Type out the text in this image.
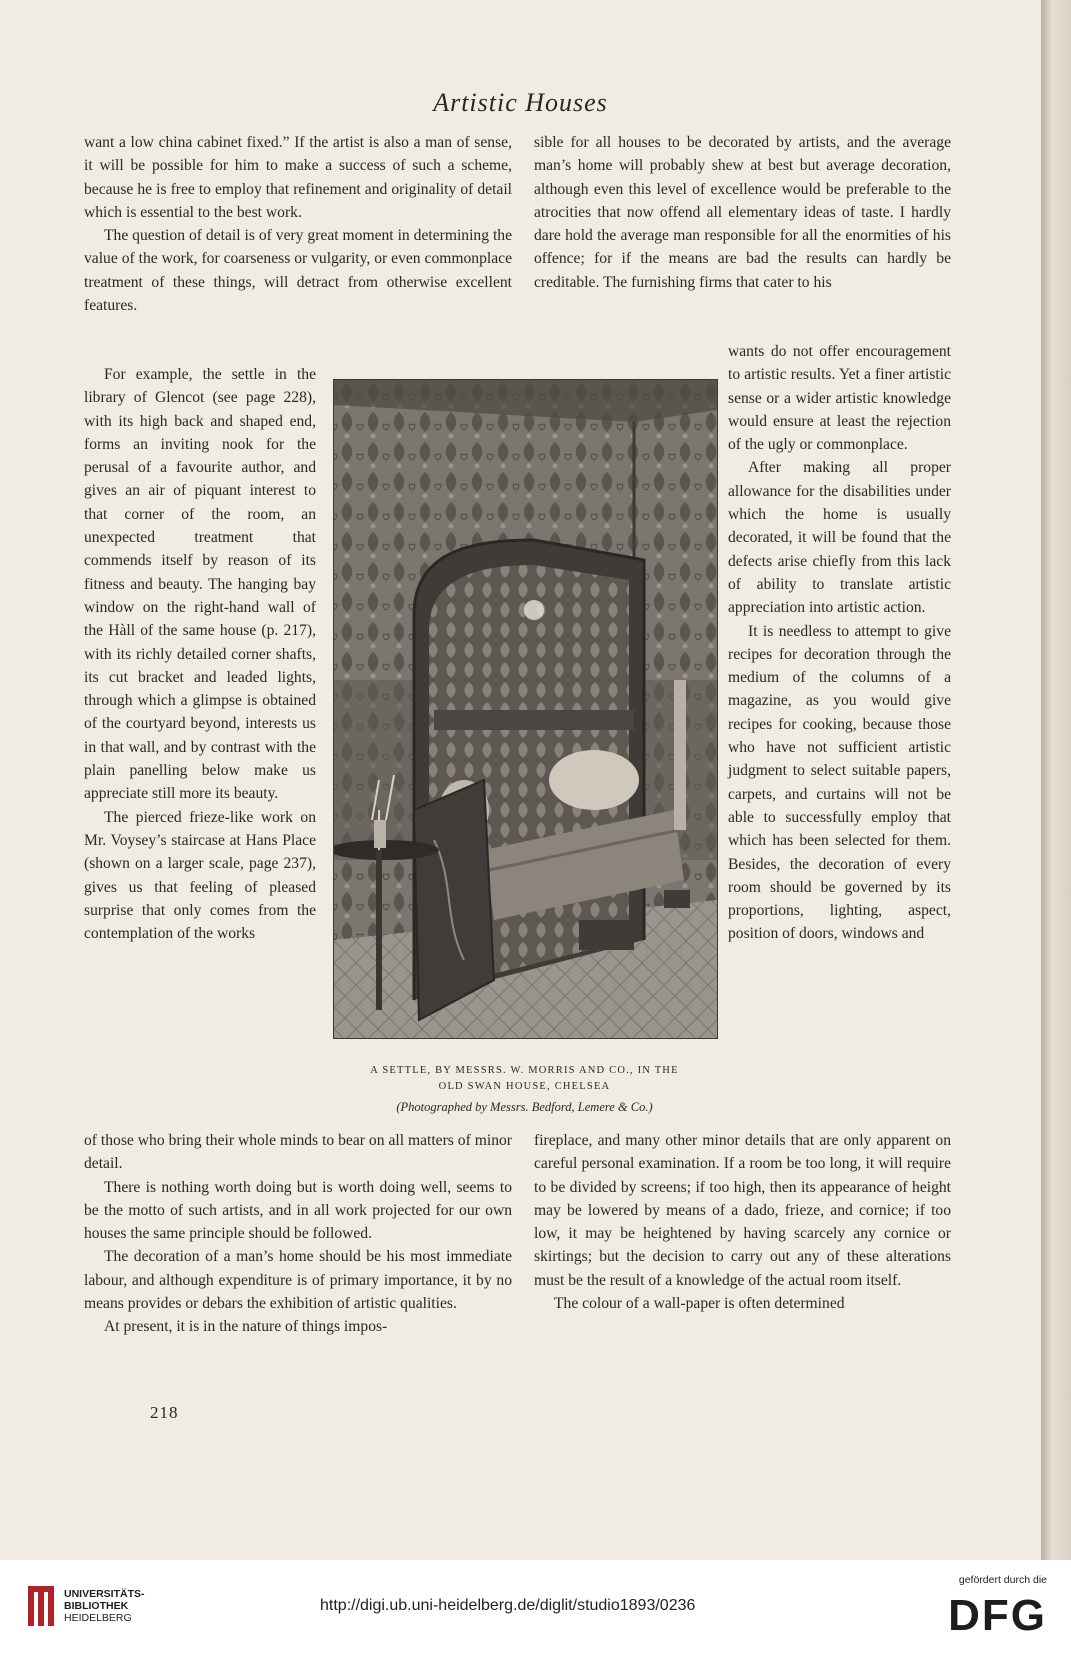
Artistic Houses

want a low china cabinet fixed.” If the artist is also a man of sense, it will be possible for him to make a success of such a scheme, because he is free to employ that refinement and originality of detail which is essential to the best work.

The question of detail is of very great moment in determining the value of the work, for coarseness or vulgarity, or even commonplace treatment of these things, will detract from otherwise excellent features.

For example, the settle in the library of Glencot (see page 228), with its high back and shaped end, forms an inviting nook for the perusal of a favourite author, and gives an air of piquant interest to that corner of the room, an unexpected treatment that commends itself by reason of its fitness and beauty. The hanging bay window on the right-hand wall of the Hàll of the same house (p. 217), with its richly detailed corner shafts, its cut bracket and leaded lights, through which a glimpse is obtained of the courtyard beyond, interests us in that wall, and by contrast with the plain panelling below make us appreciate still more its beauty.

The pierced frieze-like work on Mr. Voysey’s staircase at Hans Place (shown on a larger scale, page 237), gives us that feeling of pleased surprise that only comes from the contemplation of the works

of those who bring their whole minds to bear on all matters of minor detail.

There is nothing worth doing but is worth doing well, seems to be the motto of such artists, and in all work projected for our own houses the same principle should be followed.

The decoration of a man’s home should be his most immediate labour, and although expenditure is of primary importance, it by no means provides or debars the exhibition of artistic qualities.

At present, it is in the nature of things impos-

sible for all houses to be decorated by artists, and the average man’s home will probably shew at best but average decoration, although even this level of excellence would be preferable to the atrocities that now offend all elementary ideas of taste. I hardly dare hold the average man responsible for all the enormities of his offence; for if the means are bad the results can hardly be creditable. The furnishing firms that cater to his

wants do not offer encouragement to artistic results. Yet a finer artistic sense or a wider artistic knowledge would ensure at least the rejection of the ugly or commonplace.

After making all proper allowance for the disabilities under which the home is usually decorated, it will be found that the defects arise chiefly from this lack of ability to translate artistic appreciation into artistic action.

It is needless to attempt to give recipes for decoration through the medium of the columns of a magazine, as you would give recipes for cooking, because those who have not sufficient artistic judgment to select suitable papers, carpets, and curtains will not be able to successfully employ that which has been selected for them. Besides, the decoration of every room should be governed by its proportions, lighting, aspect, position of doors, windows and

fireplace, and many other minor details that are only apparent on careful personal examination. If a room be too long, it will require to be divided by screens; if too high, then its appearance of height may be lowered by means of a dado, frieze, and cornice; if too low, it may be heightened by having scarcely any cornice or skirtings; but the decision to carry out any of these alterations must be the result of a knowledge of the actual room itself.

The colour of a wall-paper is often determined

A SETTLE, BY MESSRS. W. MORRIS AND CO., IN THE
OLD SWAN HOUSE, CHELSEA
(Photographed by Messrs. Bedford, Lemere & Co.)
218
UNIVERSITÄTS-
BIBLIOTHEK
HEIDELBERG
http://digi.ub.uni-heidelberg.de/diglit/studio1893/0236
gefördert durch die
DFG
